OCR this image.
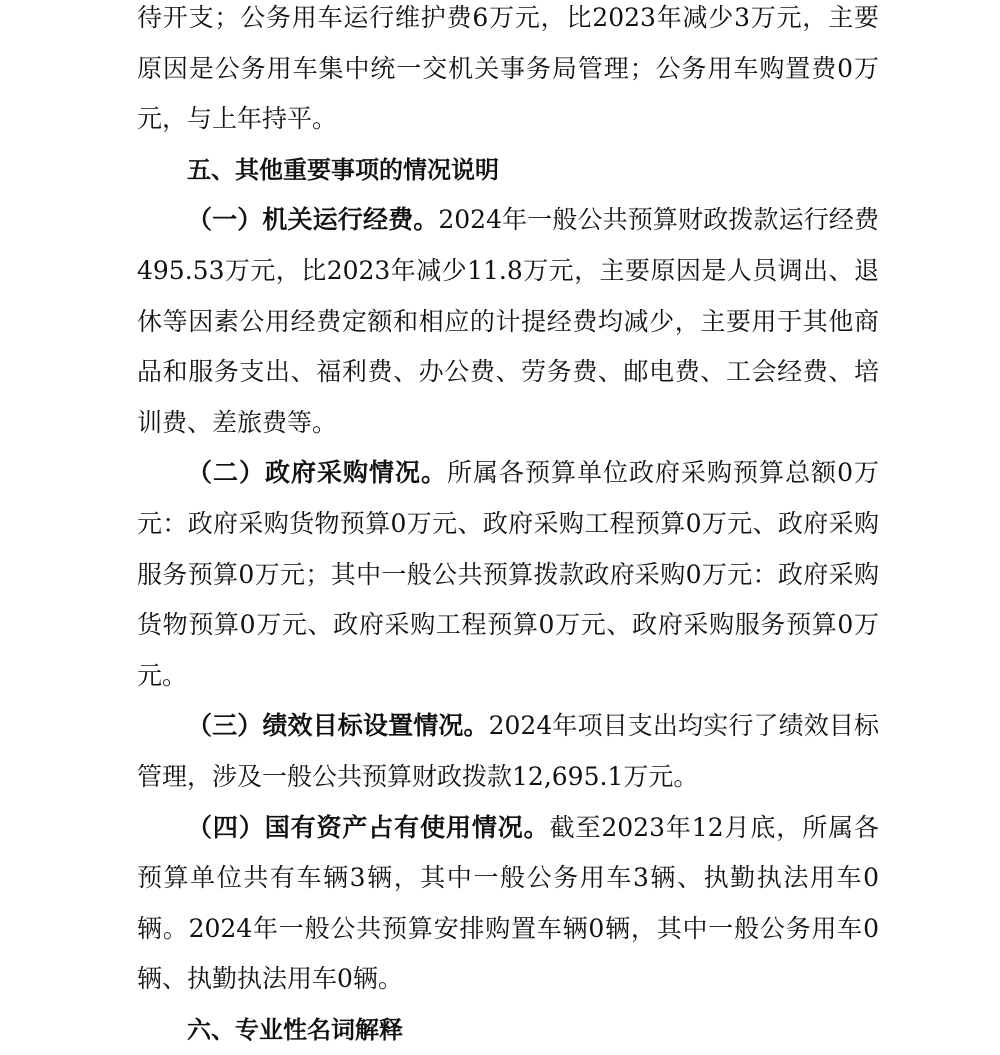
待开支；公务用车运行维护费6万元，比2023年减少3万元，主要原因是公务用车集中统一交机关事务局管理；公务用车购置费0万元，与上年持平。

五、其他重要事项的情况说明

（一）机关运行经费。2024年一般公共预算财政拨款运行经费495.53万元，比2023年减少11.8万元，主要原因是人员调出、退休等因素公用经费定额和相应的计提经费均减少，主要用于其他商品和服务支出、福利费、办公费、劳务费、邮电费、工会经费、培训费、差旅费等。

（二）政府采购情况。所属各预算单位政府采购预算总额0万元：政府采购货物预算0万元、政府采购工程预算0万元、政府采购服务预算0万元；其中一般公共预算拨款政府采购0万元：政府采购货物预算0万元、政府采购工程预算0万元、政府采购服务预算0万元。

（三）绩效目标设置情况。2024年项目支出均实行了绩效目标管理，涉及一般公共预算财政拨款12,695.1万元。

（四）国有资产占有使用情况。截至2023年12月底，所属各预算单位共有车辆3辆，其中一般公务用车3辆、执勤执法用车0辆。2024年一般公共预算安排购置车辆0辆，其中一般公务用车0辆、执勤执法用车0辆。

六、专业性名词解释
